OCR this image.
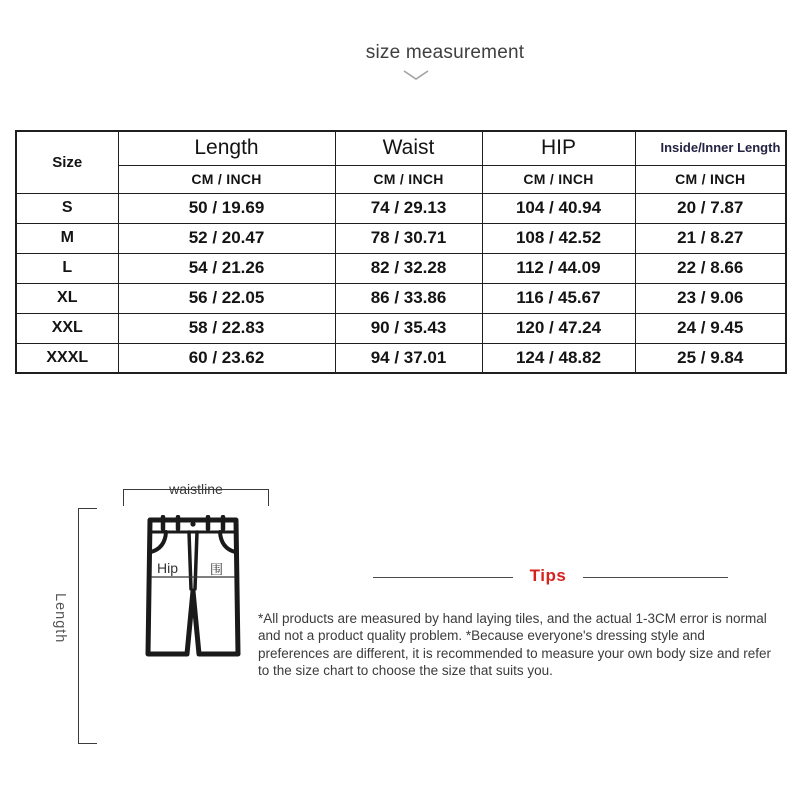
size measurement
Size	Length	Waist	HIP	Inside/Inner Length
	CM / INCH	CM / INCH	CM / INCH	CM / INCH
S	50 / 19.69	74 / 29.13	104 / 40.94	20 / 7.87
M	52 / 20.47	78 / 30.71	108 / 42.52	21 / 8.27
L	54 / 21.26	82 / 32.28	112 / 44.09	22 / 8.66
XL	56 / 22.05	86 / 33.86	116 / 45.67	23 / 9.06
XXL	58 / 22.83	90 / 35.43	120 / 47.24	24 / 9.45
XXXL	60 / 23.62	94 / 37.01	124 / 48.82	25 / 9.84
waistline
Length
Hip 围	Tips

*All products are measured by hand laying tiles, and the actual 1-3CM error is normal and not a product quality problem. *Because everyone's dressing style and preferences are different, it is recommended to measure your own body size and refer to the size chart to choose the size that suits you.
